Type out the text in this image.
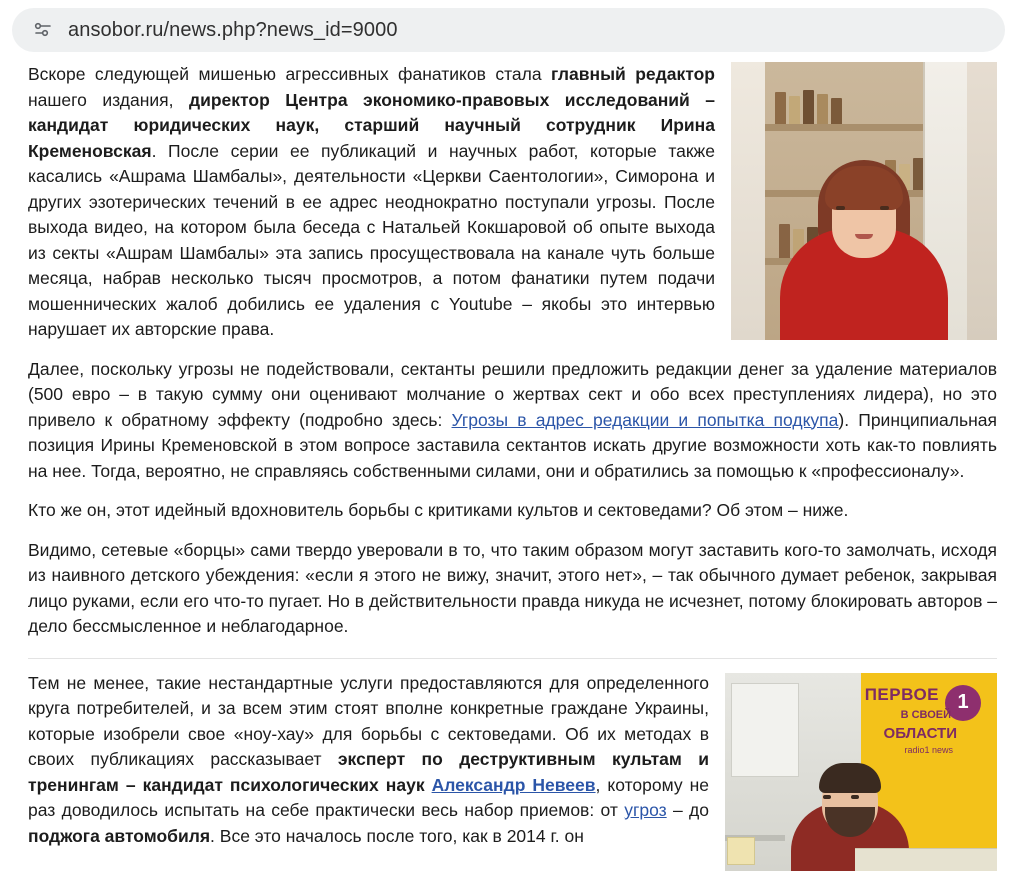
ansobor.ru/news.php?news_id=9000

Вскоре следующей мишенью агрессивных фанатиков стала главный редактор нашего издания, директор Центра экономико-правовых исследований – кандидат юридических наук, старший научный сотрудник Ирина Кременовская. После серии ее публикаций и научных работ, которые также касались «Ашрама Шамбалы», деятельности «Церкви Саентологии», Симорона и других эзотерических течений в ее адрес неоднократно поступали угрозы. После выхода видео, на котором была беседа с Натальей Кокшаровой об опыте выхода из секты «Ашрам Шамбалы» эта запись просуществовала на канале чуть больше месяца, набрав несколько тысяч просмотров, а потом фанатики путем подачи мошеннических жалоб добились ее удаления с Youtube – якобы это интервью нарушает их авторские права.

Далее, поскольку угрозы не подействовали, сектанты решили предложить редакции денег за удаление материалов (500 евро – в такую сумму они оценивают молчание о жертвах сект и обо всех преступлениях лидера), но это привело к обратному эффекту (подробно здесь: Угрозы в адрес редакции и попытка подкупа). Принципиальная позиция Ирины Кременовской в этом вопросе заставила сектантов искать другие возможности хоть как-то повлиять на нее. Тогда, вероятно, не справляясь собственными силами, они и обратились за помощью к «профессионалу».

Кто же он, этот идейный вдохновитель борьбы с критиками культов и сектоведами? Об этом – ниже.

Видимо, сетевые «борцы» сами твердо уверовали в то, что таким образом могут заставить кого-то замолчать, исходя из наивного детского убеждения: «если я этого не вижу, значит, этого нет», – так обычного думает ребенок, закрывая лицо руками, если его что-то пугает. Но в действительности правда никуда не исчезнет, потому блокировать авторов – дело бессмысленное и неблагодарное.

1
ПЕРВОЕ
В СВОЕЙ
ОБЛАСТИ
radio1 news

Тем не менее, такие нестандартные услуги предоставляются для определенного круга потребителей, и за всем этим стоят вполне конкретные граждане Украины, которые изобрели свое «ноу-хау» для борьбы с сектоведами. Об их методах в своих публикациях рассказывает эксперт по деструктивным культам и тренингам – кандидат психологических наук Александр Невеев, которому не раз доводилось испытать на себе практически весь набор приемов: от угроз – до поджога автомобиля. Все это началось после того, как в 2014 г. он
